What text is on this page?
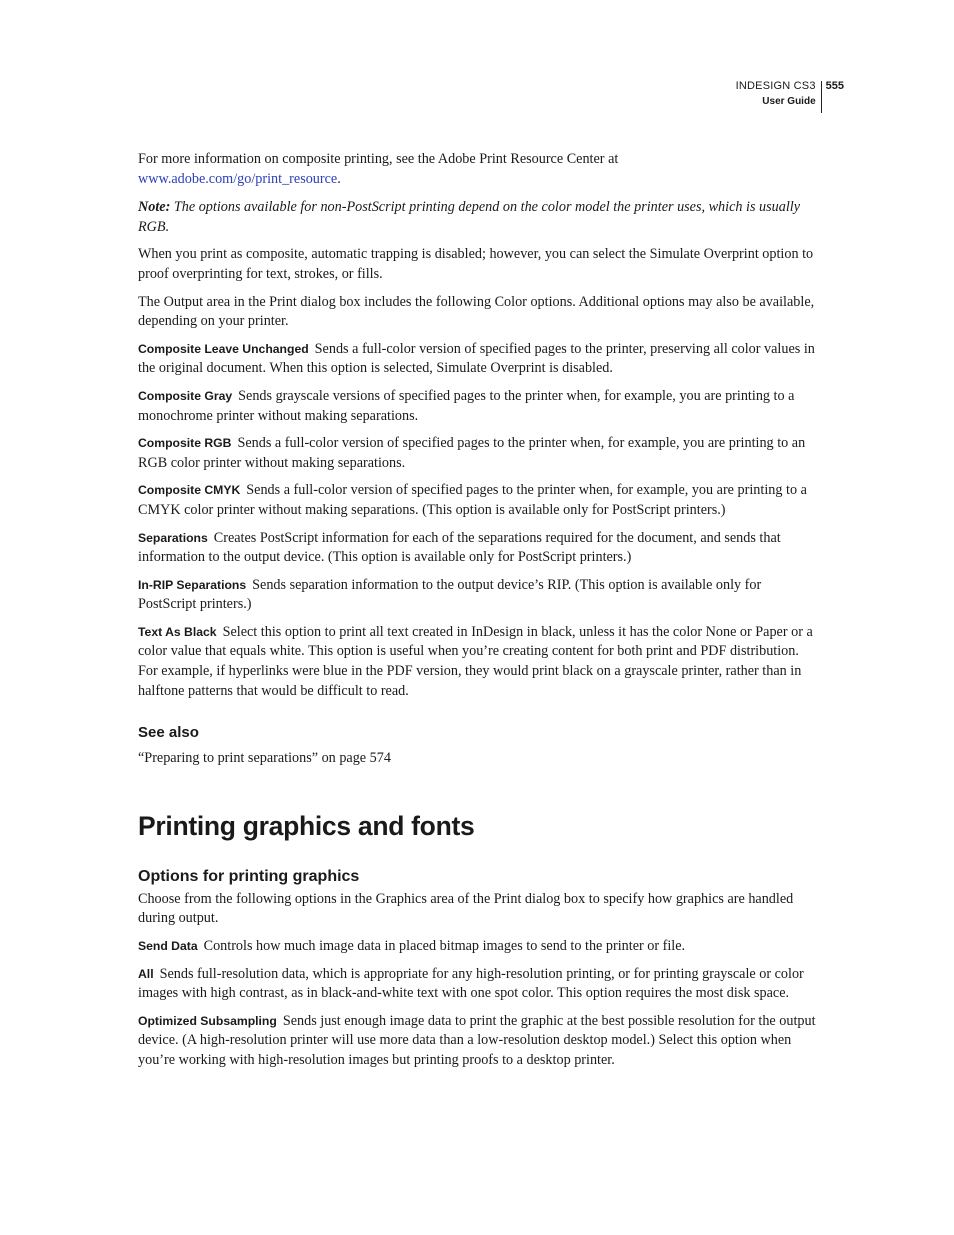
INDESIGN CS3
User Guide
555

For more information on composite printing, see the Adobe Print Resource Center at
www.adobe.com/go/print_resource.

Note: The options available for non-PostScript printing depend on the color model the printer uses, which is usually RGB.

When you print as composite, automatic trapping is disabled; however, you can select the Simulate Overprint option to proof overprinting for text, strokes, or fills.

The Output area in the Print dialog box includes the following Color options. Additional options may also be available, depending on your printer.

Composite Leave Unchanged Sends a full-color version of specified pages to the printer, preserving all color values in the original document. When this option is selected, Simulate Overprint is disabled.

Composite Gray Sends grayscale versions of specified pages to the printer when, for example, you are printing to a monochrome printer without making separations.

Composite RGB Sends a full-color version of specified pages to the printer when, for example, you are printing to an RGB color printer without making separations.

Composite CMYK Sends a full-color version of specified pages to the printer when, for example, you are printing to a CMYK color printer without making separations. (This option is available only for PostScript printers.)

Separations Creates PostScript information for each of the separations required for the document, and sends that information to the output device. (This option is available only for PostScript printers.)

In-RIP Separations Sends separation information to the output device’s RIP. (This option is available only for PostScript printers.)

Text As Black Select this option to print all text created in InDesign in black, unless it has the color None or Paper or a color value that equals white. This option is useful when you’re creating content for both print and PDF distribution. For example, if hyperlinks were blue in the PDF version, they would print black on a grayscale printer, rather than in halftone patterns that would be difficult to read.

See also

“Preparing to print separations” on page 574

Printing graphics and fonts
Options for printing graphics

Choose from the following options in the Graphics area of the Print dialog box to specify how graphics are handled during output.

Send Data Controls how much image data in placed bitmap images to send to the printer or file.

All Sends full-resolution data, which is appropriate for any high-resolution printing, or for printing grayscale or color images with high contrast, as in black-and-white text with one spot color. This option requires the most disk space.

Optimized Subsampling Sends just enough image data to print the graphic at the best possible resolution for the output device. (A high-resolution printer will use more data than a low-resolution desktop model.) Select this option when you’re working with high-resolution images but printing proofs to a desktop printer.
